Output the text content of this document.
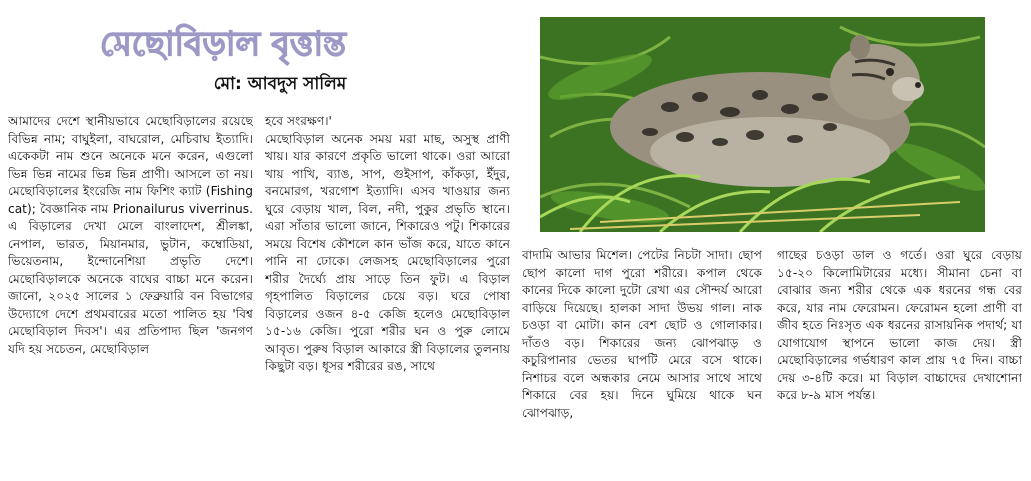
মেছোবিড়াল বৃত্তান্ত
মো: আবদুস সালিম

আমাদের দেশে স্থানীয়ভাবে মেছোবিড়ালের রয়েছে বিভিন্ন নাম; বাঘুইলা, বাঘরোল, মেচিবাঘ ইত্যাদি। একেকটা নাম শুনে অনেকে মনে করেন, এগুলো ভিন্ন ভিন্ন নামের ভিন্ন ভিন্ন প্রাণী। আসলে তা নয়। মেছোবিড়ালের ইংরেজি নাম ফিশিং ক্যাট (Fishing cat); বৈজ্ঞানিক নাম Prionailurus viverrinus. এ বিড়ালের দেখা মেলে বাংলাদেশ, শ্রীলঙ্কা, নেপাল, ভারত, মিয়ানমার, ভুটান, কম্বোডিয়া, ভিয়েতনাম, ইন্দোনেশিয়া প্রভৃতি দেশে। মেছোবিড়ালকে অনেকে বাঘের বাচ্চা মনে করেন। জানো, ২০২৫ সালের ১ ফেব্রুয়ারি বন বিভাগের উদ্যোগে দেশে প্রথমবারের মতো পালিত হয় 'বিশ্ব মেছোবিড়াল দিবস'। এর প্রতিপাদ্য ছিল 'জনগণ যদি হয় সচেতন, মেছোবিড়াল

হবে সংরক্ষণ।'

মেছোবিড়াল অনেক সময় মরা মাছ, অসুস্থ প্রাণী খায়। যার কারণে প্রকৃতি ভালো থাকে। ওরা আরো খায় পাখি, ব্যাঙ, সাপ, গুইসাপ, কাঁকড়া, ইঁদুর, বনমোরগ, খরগোশ ইত্যাদি। এসব খাওয়ার জন্য ঘুরে বেড়ায় খাল, বিল, নদী, পুকুর প্রভৃতি স্থানে। এরা সাঁতার ভালো জানে, শিকারেও পটু। শিকারের সময়ে বিশেষ কৌশলে কান ভাঁজ করে, যাতে কানে পানি না ঢোকে। লেজসহ মেছোবিড়ালের পুরো শরীর দৈর্ঘ্যে প্রায় সাড়ে তিন ফুট। এ বিড়াল গৃহপালিত বিড়ালের চেয়ে বড়। ঘরে পোষা বিড়ালের ওজন ৪-৫ কেজি হলেও মেছোবিড়াল ১৫-১৬ কেজি। পুরো শরীর ঘন ও পুরু লোমে আবৃত। পুরুষ বিড়াল আকারে স্ত্রী বিড়ালের তুলনায় কিছুটা বড়। ধূসর শরীরের রঙ, সাথে

বাদামি আভার মিশেল। পেটের নিচটা সাদা। ছোপ ছোপ কালো দাগ পুরো শরীরে। কপাল থেকে কানের দিকে কালো দুটো রেখা এর সৌন্দর্য আরো বাড়িয়ে দিয়েছে। হালকা সাদা উভয় গাল। নাক চওড়া বা মোটা। কান বেশ ছোট ও গোলাকার। দাঁতও বড়। শিকারের জন্য ঝোপঝাড় ও কচুরিপানার ভেতর ঘাপটি মেরে বসে থাকে। নিশাচর বলে অন্ধকার নেমে আসার সাথে সাথে শিকারে বের হয়। দিনে ঘুমিয়ে থাকে ঘন ঝোপঝাড়,

গাছের চওড়া ডাল ও গর্তে। ওরা ঘুরে বেড়ায় ১৫-২০ কিলোমিটারের মধ্যে। সীমানা চেনা বা বোঝার জন্য শরীর থেকে এক ধরনের গন্ধ বের করে, যার নাম ফেরোমন। ফেরোমন হলো প্রাণী বা জীব হতে নিঃসৃত এক ধরনের রাসায়নিক পদার্থ; যা যোগাযোগ স্থাপনে ভালো কাজ দেয়। স্ত্রী মেছোবিড়ালের গর্ভধারণ কাল প্রায় ৭৫ দিন। বাচ্চা দেয় ৩-৪টি করে। মা বিড়াল বাচ্চাদের দেখাশোনা করে ৮-৯ মাস পর্যন্ত।
